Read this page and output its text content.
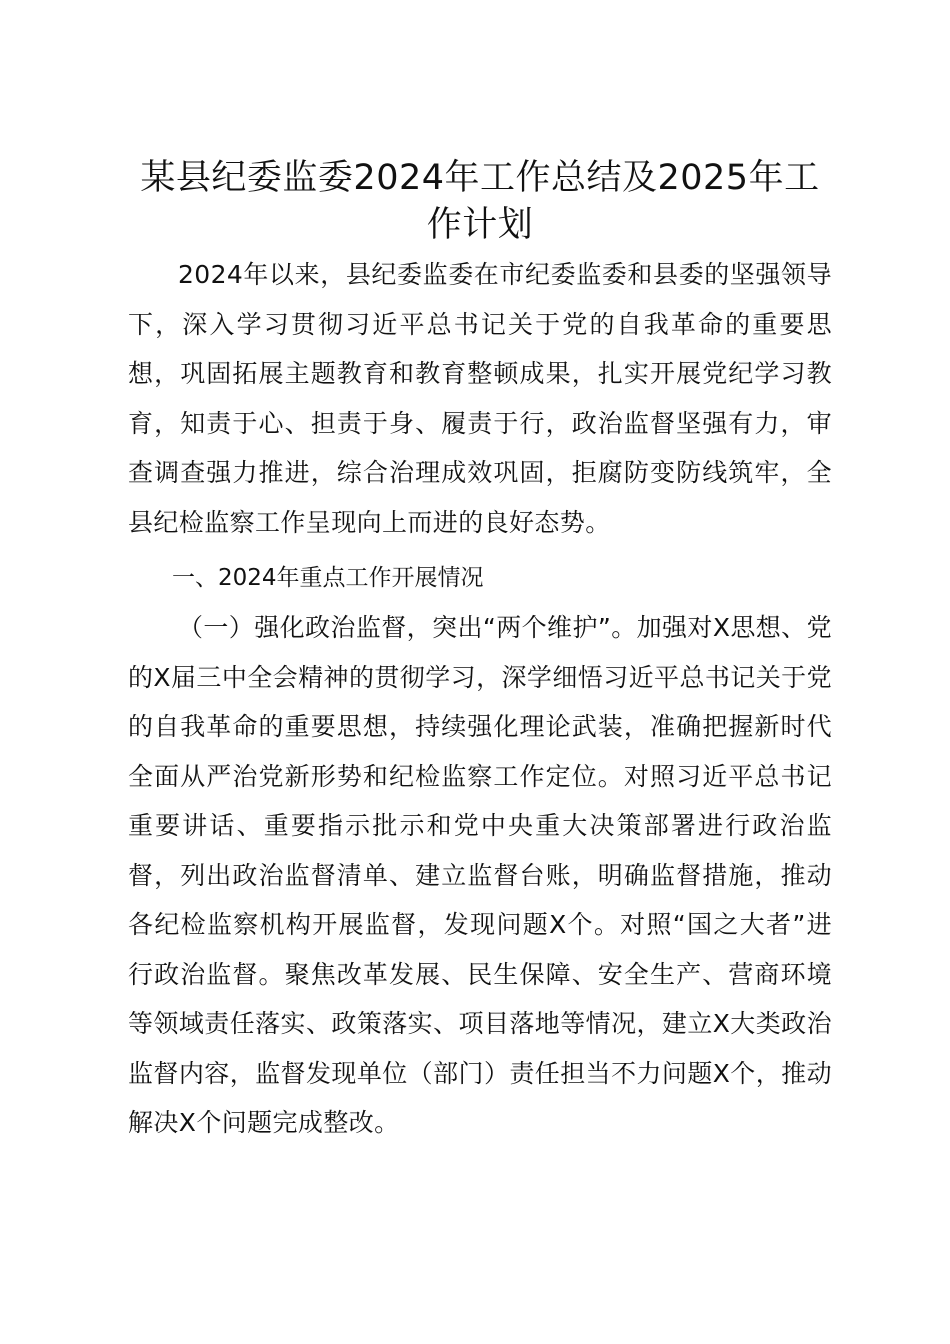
某县纪委监委2024年工作总结及2025年工
作计划

2024年以来，县纪委监委在市纪委监委和县委的坚强领导下，深入学习贯彻习近平总书记关于党的自我革命的重要思想，巩固拓展主题教育和教育整顿成果，扎实开展党纪学习教育，知责于心、担责于身、履责于行，政治监督坚强有力，审查调查强力推进，综合治理成效巩固，拒腐防变防线筑牢，全县纪检监察工作呈现向上而进的良好态势。

一、2024年重点工作开展情况

（一）强化政治监督，突出“两个维护”。加强对X思想、党的X届三中全会精神的贯彻学习，深学细悟习近平总书记关于党的自我革命的重要思想，持续强化理论武装，准确把握新时代全面从严治党新形势和纪检监察工作定位。对照习近平总书记重要讲话、重要指示批示和党中央重大决策部署进行政治监督，列出政治监督清单、建立监督台账，明确监督措施，推动各纪检监察机构开展监督，发现问题X个。对照“国之大者”进行政治监督。聚焦改革发展、民生保障、安全生产、营商环境等领域责任落实、政策落实、项目落地等情况，建立X大类政治监督内容，监督发现单位（部门）责任担当不力问题X个，推动解决X个问题完成整改。
